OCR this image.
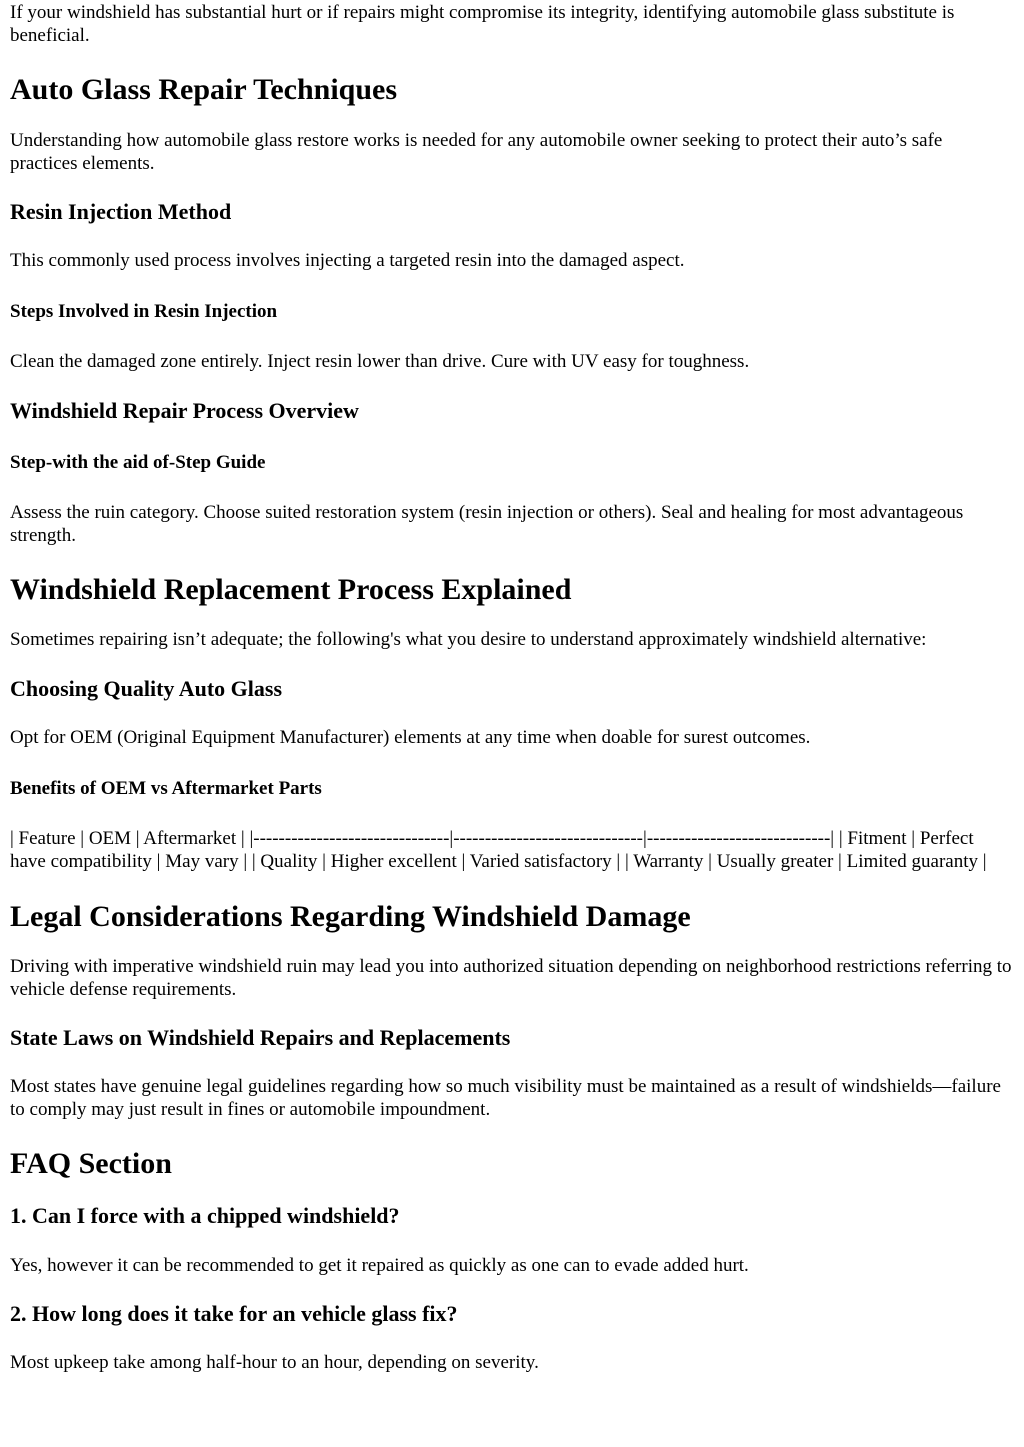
If your windshield has substantial hurt or if repairs might compromise its integrity, identifying automobile glass substitute is beneficial.

Auto Glass Repair Techniques

Understanding how automobile glass restore works is needed for any automobile owner seeking to protect their auto’s safe practices elements.

Resin Injection Method

This commonly used process involves injecting a targeted resin into the damaged aspect.

Steps Involved in Resin Injection

Clean the damaged zone entirely. Inject resin lower than drive. Cure with UV easy for toughness.

Windshield Repair Process Overview
Step-with the aid of-Step Guide

Assess the ruin category. Choose suited restoration system (resin injection or others). Seal and healing for most advantageous strength.

Windshield Replacement Process Explained

Sometimes repairing isn’t adequate; the following's what you desire to understand approximately windshield alternative:

Choosing Quality Auto Glass

Opt for OEM (Original Equipment Manufacturer) elements at any time when doable for surest outcomes.

Benefits of OEM vs Aftermarket Parts

| Feature | OEM | Aftermarket | |-------------------------------|------------------------------|-----------------------------| | Fitment | Perfect have compatibility | May vary | | Quality | Higher excellent | Varied satisfactory | | Warranty | Usually greater | Limited guaranty |

Legal Considerations Regarding Windshield Damage

Driving with imperative windshield ruin may lead you into authorized situation depending on neighborhood restrictions referring to vehicle defense requirements.

State Laws on Windshield Repairs and Replacements

Most states have genuine legal guidelines regarding how so much visibility must be maintained as a result of windshields—failure to comply may just result in fines or automobile impoundment.

FAQ Section
1. Can I force with a chipped windshield?

Yes, however it can be recommended to get it repaired as quickly as one can to evade added hurt.

2. How long does it take for an vehicle glass fix?

Most upkeep take among half-hour to an hour, depending on severity.
